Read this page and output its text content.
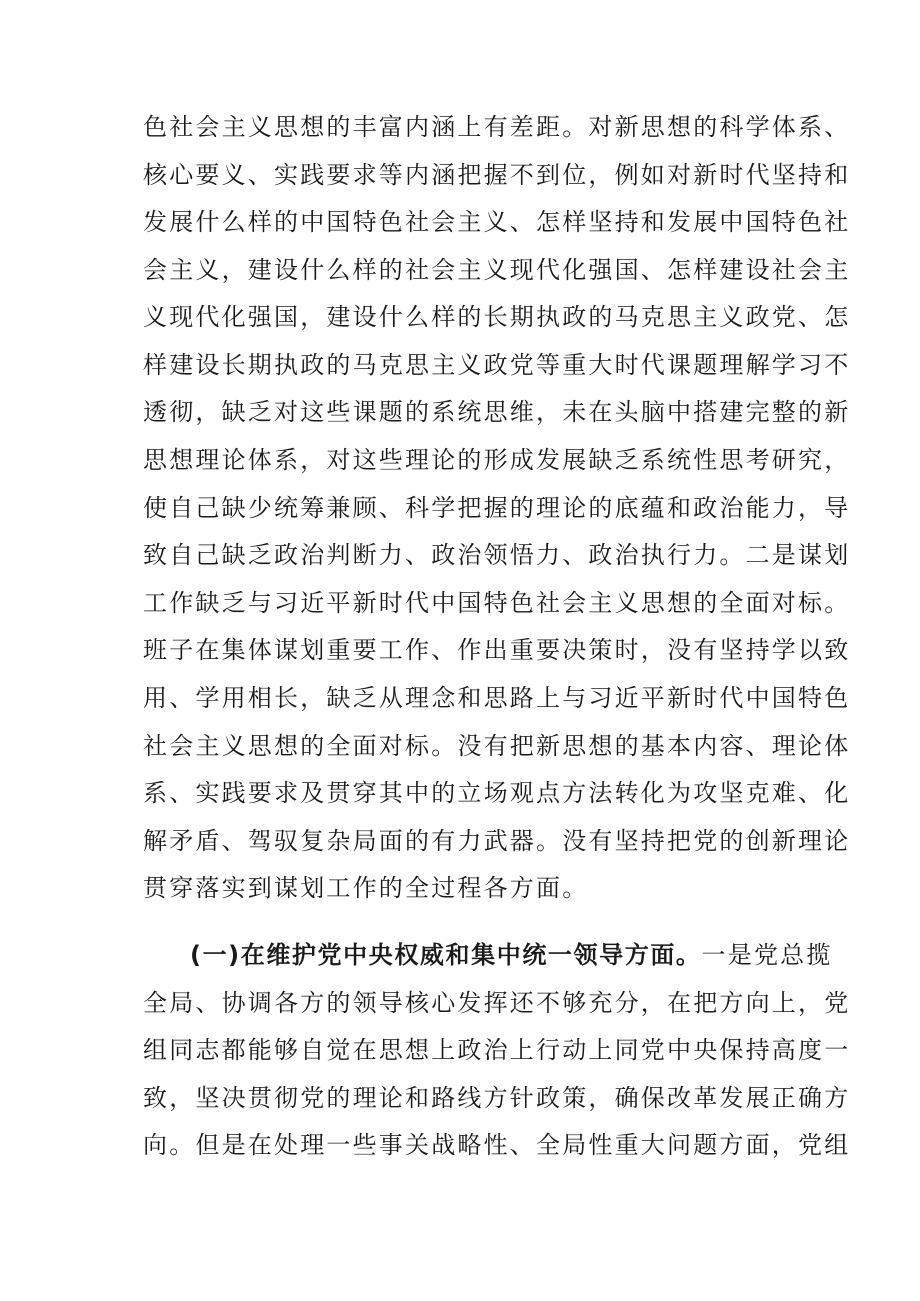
色社会主义思想的丰富内涵上有差距。对新思想的科学体系、
核心要义、实践要求等内涵把握不到位，例如对新时代坚持和
发展什么样的中国特色社会主义、怎样坚持和发展中国特色社
会主义，建设什么样的社会主义现代化强国、怎样建设社会主
义现代化强国，建设什么样的长期执政的马克思主义政党、怎
样建设长期执政的马克思主义政党等重大时代课题理解学习不
透彻，缺乏对这些课题的系统思维，未在头脑中搭建完整的新
思想理论体系，对这些理论的形成发展缺乏系统性思考研究，
使自己缺少统筹兼顾、科学把握的理论的底蕴和政治能力，导
致自己缺乏政治判断力、政治领悟力、政治执行力。二是谋划
工作缺乏与习近平新时代中国特色社会主义思想的全面对标。
班子在集体谋划重要工作、作出重要决策时，没有坚持学以致
用、学用相长，缺乏从理念和思路上与习近平新时代中国特色
社会主义思想的全面对标。没有把新思想的基本内容、理论体
系、实践要求及贯穿其中的立场观点方法转化为攻坚克难、化
解矛盾、驾驭复杂局面的有力武器。没有坚持把党的创新理论
贯穿落实到谋划工作的全过程各方面。
(一)在维护党中央权威和集中统一领导方面。一是党总揽
全局、协调各方的领导核心发挥还不够充分，在把方向上，党
组同志都能够自觉在思想上政治上行动上同党中央保持高度一
致，坚决贯彻党的理论和路线方针政策，确保改革发展正确方
向。但是在处理一些事关战略性、全局性重大问题方面，党组
